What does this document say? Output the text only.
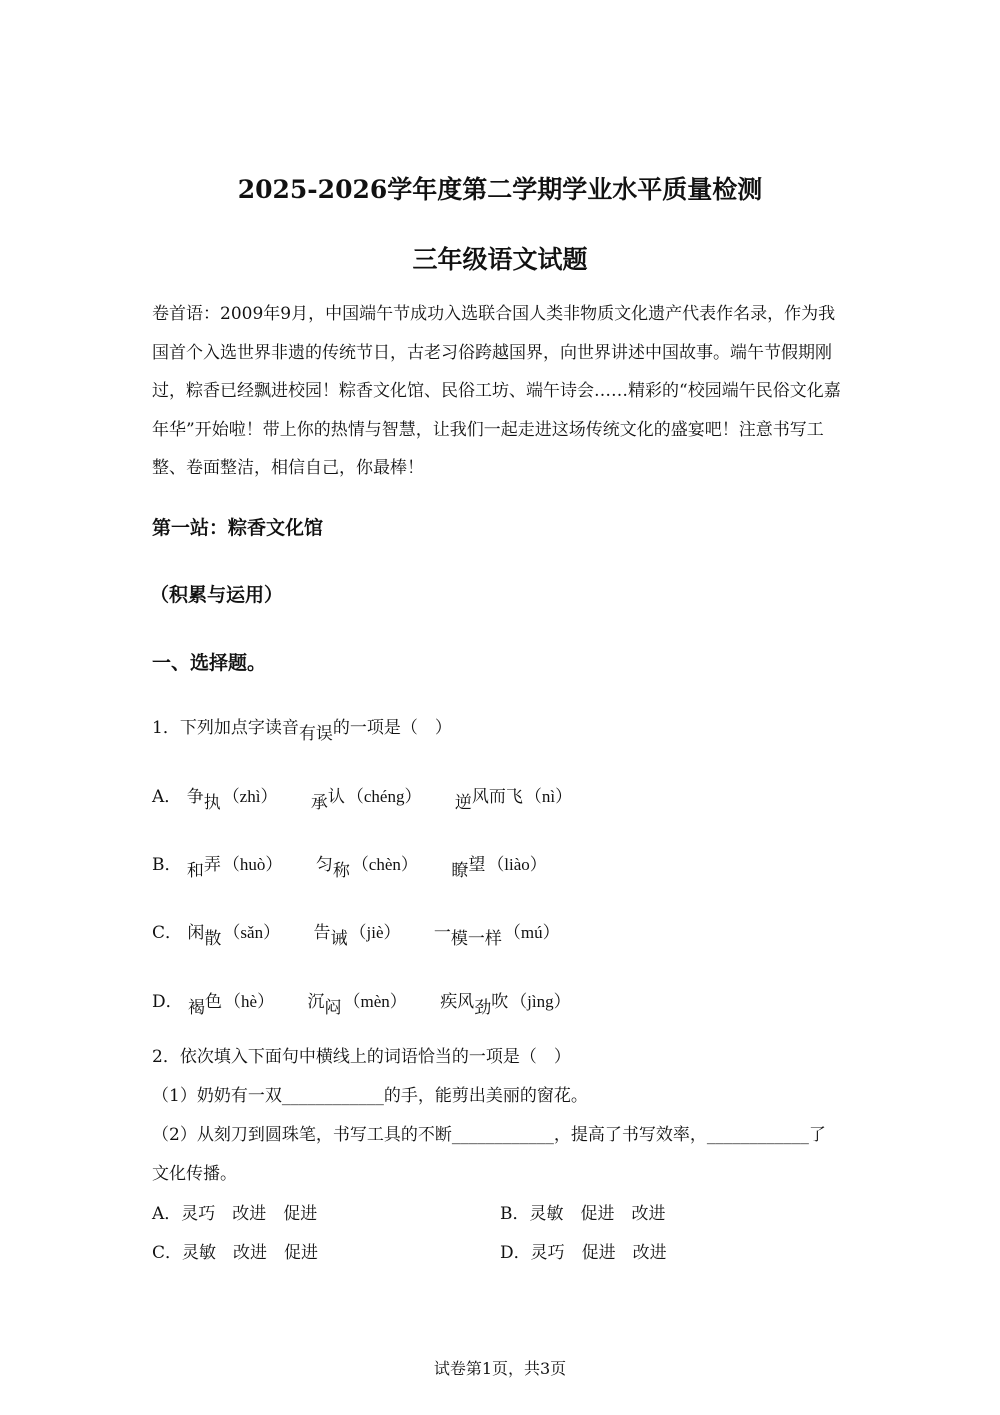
2025-2026学年度第二学期学业水平质量检测
三年级语文试题
卷首语：2009年9月，中国端午节成功入选联合国人类非物质文化遗产代表作名录，作为我国首个入选世界非遗的传统节日，古老习俗跨越国界，向世界讲述中国故事。端午节假期刚过，粽香已经飘进校园！粽香文化馆、民俗工坊、端午诗会……精彩的“校园端午民俗文化嘉年华”开始啦！带上你的热情与智慧，让我们一起走进这场传统文化的盛宴吧！注意书写工整、卷面整洁，相信自己，你最棒！
第一站：粽香文化馆
（积累与运用）
一、选择题。
1．下列加点字读音有误的一项是（　）
A． 争执 （zhì） 承认 （chéng） 逆风而飞 （nì）
B． 和弄 （huò） 匀称 （chèn） 瞭望 （liào）
C． 闲散 （sǎn） 告诫 （jiè） 一模一样 （mú）
D． 褐色 （hè） 沉闷 （mèn） 疾风劲吹 （jìng）
2．依次填入下面句中横线上的词语恰当的一项是（　）
（1）奶奶有一双____________的手，能剪出美丽的窗花。
（2）从刻刀到圆珠笔，书写工具的不断____________，提高了书写效率，____________了
文化传播。
A．灵巧　改进　促进	B．灵敏　促进　改进
C．灵敏　改进　促进	D．灵巧　促进　改进
试卷第1页，共3页
